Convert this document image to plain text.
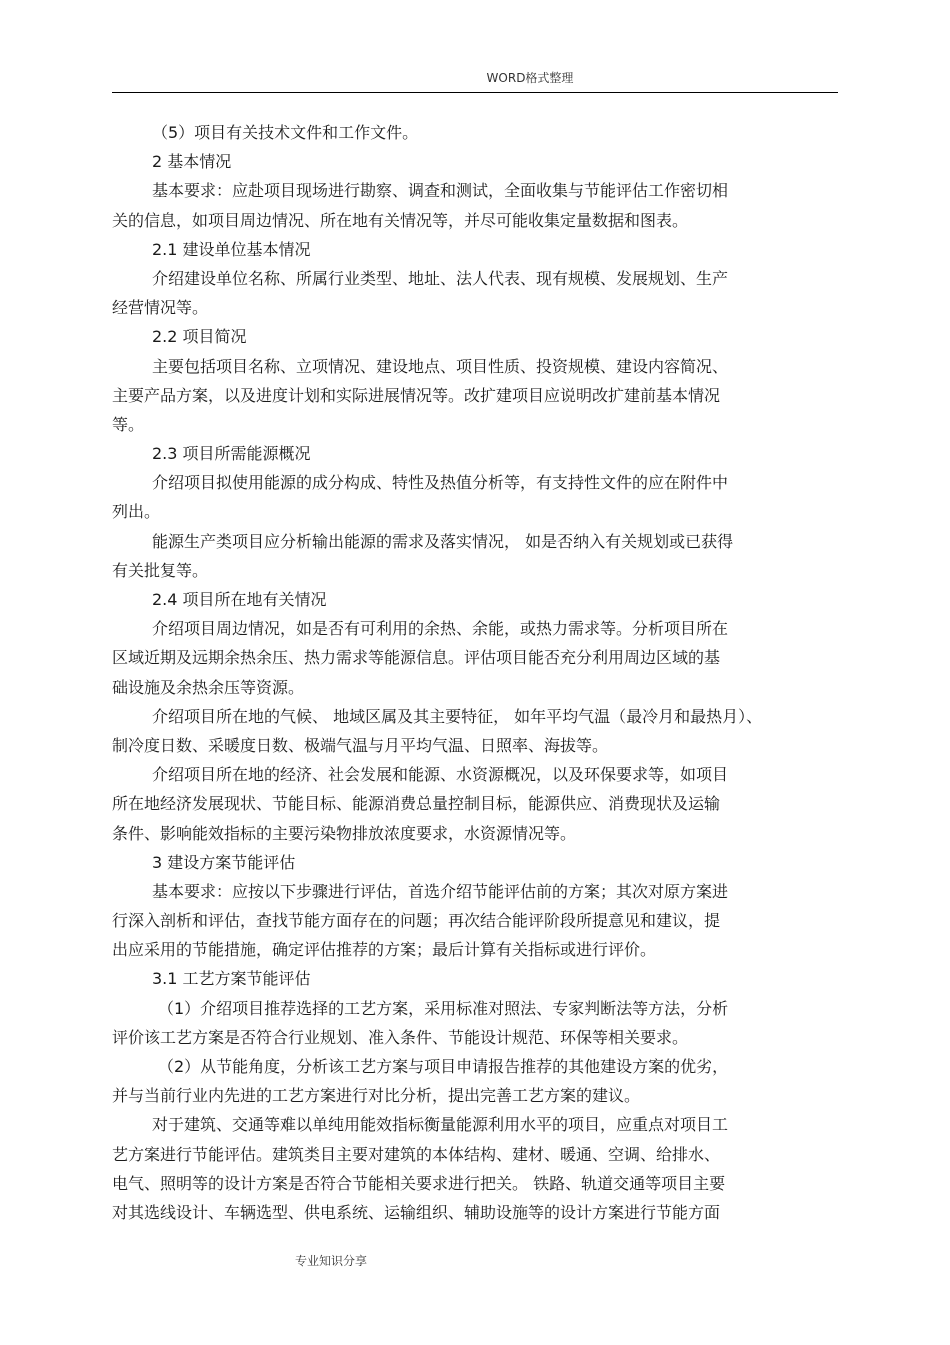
WORD格式整理
（5）项目有关技术文件和工作文件。
2 基本情况
基本要求：应赴项目现场进行勘察、调查和测试，全面收集与节能评估工作密切相
关的信息，如项目周边情况、所在地有关情况等，并尽可能收集定量数据和图表。
2.1 建设单位基本情况
介绍建设单位名称、所属行业类型、地址、法人代表、现有规模、发展规划、生产
经营情况等。
2.2 项目简况
主要包括项目名称、立项情况、建设地点、项目性质、投资规模、建设内容简况、
主要产品方案，以及进度计划和实际进展情况等。改扩建项目应说明改扩建前基本情况
等。
2.3 项目所需能源概况
介绍项目拟使用能源的成分构成、特性及热值分析等，有支持性文件的应在附件中
列出。
能源生产类项目应分析输出能源的需求及落实情况， 如是否纳入有关规划或已获得
有关批复等。
2.4 项目所在地有关情况
介绍项目周边情况，如是否有可利用的余热、余能，或热力需求等。分析项目所在
区域近期及远期余热余压、热力需求等能源信息。评估项目能否充分利用周边区域的基
础设施及余热余压等资源。
介绍项目所在地的气候、 地域区属及其主要特征， 如年平均气温（最冷月和最热月）、
制冷度日数、采暖度日数、极端气温与月平均气温、日照率、海拔等。
介绍项目所在地的经济、社会发展和能源、水资源概况，以及环保要求等，如项目
所在地经济发展现状、节能目标、能源消费总量控制目标，能源供应、消费现状及运输
条件、影响能效指标的主要污染物排放浓度要求，水资源情况等。
3 建设方案节能评估
基本要求：应按以下步骤进行评估，首选介绍节能评估前的方案；其次对原方案进
行深入剖析和评估，查找节能方面存在的问题；再次结合能评阶段所提意见和建议，提
出应采用的节能措施，确定评估推荐的方案；最后计算有关指标或进行评价。
3.1 工艺方案节能评估
（1）介绍项目推荐选择的工艺方案，采用标准对照法、专家判断法等方法，分析
评价该工艺方案是否符合行业规划、准入条件、节能设计规范、环保等相关要求。
（2）从节能角度，分析该工艺方案与项目申请报告推荐的其他建设方案的优劣，
并与当前行业内先进的工艺方案进行对比分析，提出完善工艺方案的建议。
对于建筑、交通等难以单纯用能效指标衡量能源利用水平的项目，应重点对项目工
艺方案进行节能评估。建筑类目主要对建筑的本体结构、建材、暖通、空调、给排水、
电气、照明等的设计方案是否符合节能相关要求进行把关。 铁路、轨道交通等项目主要
对其选线设计、车辆选型、供电系统、运输组织、辅助设施等的设计方案进行节能方面
专业知识分享
